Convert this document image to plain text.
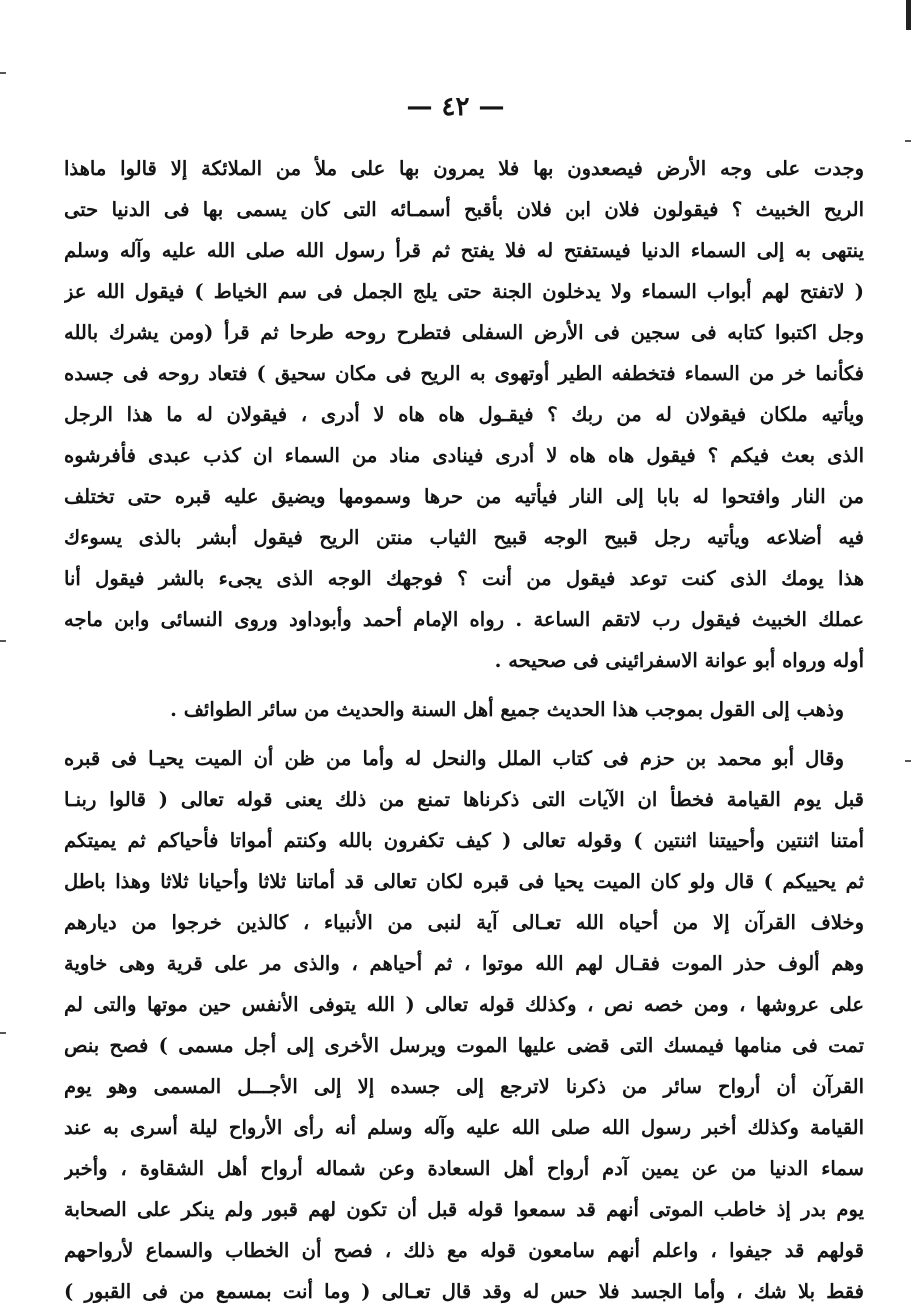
— ٤٢ —
وجدت على وجه الأرض فيصعدون بها فلا يمرون بها على ملأ من الملائكة إلا قالوا ماهذا
الريح الخبيث ؟ فيقولون فلان ابن فلان بأقبح أسمـائه التى كان يسمى بها فى الدنيا حتى
ينتهى به إلى السماء الدنيا فيستفتح له فلا يفتح ثم قرأ رسول الله صلى الله عليه وآله وسلم
( لاتفتح لهم أبواب السماء ولا يدخلون الجنة حتى يلج الجمل فى سم الخياط ) فيقول الله عز
وجل اكتبوا كتابه فى سجين فى الأرض السفلى فتطرح روحه طرحا ثم قرأ (ومن يشرك بالله
فكأنما خر من السماء فتخطفه الطير أوتهوى به الريح فى مكان سحيق ) فتعاد روحه فى جسده
ويأتيه ملكان فيقولان له من ربك ؟ فيقـول هاه هاه لا أدرى ، فيقولان له ما هذا الرجل
الذى بعث فيكم ؟ فيقول هاه هاه لا أدرى فينادى مناد من السماء ان كذب عبدى فأفرشوه
من النار وافتحوا له بابا إلى النار فيأتيه من حرها وسمومها ويضيق عليه قبره حتى تختلف
فيه أضلاعه ويأتيه رجل قبيح الوجه قبيح الثياب منتن الريح فيقول أبشر بالذى يسوءك
هذا يومك الذى كنت توعد فيقول من أنت ؟ فوجهك الوجه الذى يجىء بالشر فيقول أنا
عملك الخبيث فيقول رب لاتقم الساعة . رواه الإمام أحمد وأبوداود وروى النسائى وابن ماجه
أوله ورواه أبو عوانة الاسفرائينى فى صحيحه .
وذهب إلى القول بموجب هذا الحديث جميع أهل السنة والحديث من سائر الطوائف .
وقال أبو محمد بن حزم فى كتاب الملل والنحل له وأما من ظن أن الميت يحيـا فى قبره
قبل يوم القيامة فخطأ ان الآيات التى ذكرناها تمنع من ذلك يعنى قوله تعالى ( قالوا ربنـا
أمتنا اثنتين وأحييتنا اثنتين ) وقوله تعالى ( كيف تكفرون بالله وكنتم أمواتا فأحياكم ثم يميتكم
ثم يحييكم ) قال ولو كان الميت يحيا فى قبره لكان تعالى قد أماتنا ثلاثا وأحيانا ثلاثا وهذا باطل
وخلاف القرآن إلا من أحياه الله تعـالى آية لنبى من الأنبياء ، كالذين خرجوا من ديارهم
وهم ألوف حذر الموت فقـال لهم الله موتوا ، ثم أحياهم ، والذى مر على قرية وهى خاوية
على عروشها ، ومن خصه نص ، وكذلك قوله تعالى ( الله يتوفى الأنفس حين موتها والتى لم
تمت فى منامها فيمسك التى قضى عليها الموت ويرسل الأخرى إلى أجل مسمى ) فصح بنص
القرآن أن أرواح سائر من ذكرنا لاترجع إلى جسده إلا إلى الأجـــل المسمى وهو يوم
القيامة وكذلك أخبر رسول الله صلى الله عليه وآله وسلم أنه رأى الأرواح ليلة أسرى به عند
سماء الدنيا من عن يمين آدم أرواح أهل السعادة وعن شماله أرواح أهل الشقاوة ، وأخبر
يوم بدر إذ خاطب الموتى أنهم قد سمعوا قوله قبل أن تكون لهم قبور ولم ينكر على الصحابة
قولهم قد جيفوا ، واعلم أنهم سامعون قوله مع ذلك ، فصح أن الخطاب والسماع لأرواحهم
فقط بلا شك ، وأما الجسد فلا حس له وقد قال تعـالى ( وما أنت بمسمع من فى القبور )
